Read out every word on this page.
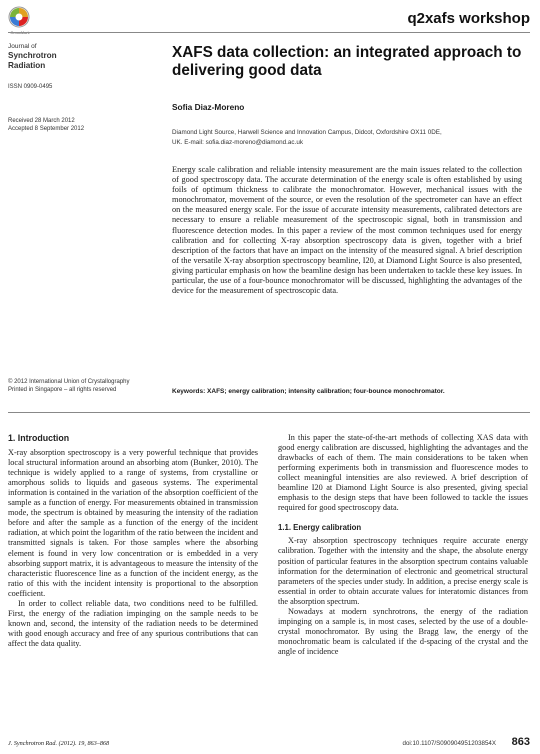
CrossMark
q2xafs workshop
Journal of
Synchrotron
Radiation
ISSN 0909-0495
Received 28 March 2012
Accepted 8 September 2012
© 2012 International Union of Crystallography
Printed in Singapore – all rights reserved
XAFS data collection: an integrated approach to delivering good data
Sofia Diaz-Moreno
Diamond Light Source, Harwell Science and Innovation Campus, Didcot, Oxfordshire OX11 0DE,
UK. E-mail: sofia.diaz-moreno@diamond.ac.uk
Energy scale calibration and reliable intensity measurement are the main issues related to the collection of good spectroscopy data. The accurate determination of the energy scale is often established by using foils of optimum thickness to calibrate the monochromator. However, mechanical issues with the monochromator, movement of the source, or even the resolution of the spectrometer can have an effect on the measured energy scale. For the issue of accurate intensity measurements, calibrated detectors are necessary to ensure a reliable measurement of the spectroscopic signal, both in transmission and fluorescence detection modes. In this paper a review of the most common techniques used for energy calibration and for collecting X-ray absorption spectroscopy data is given, together with a brief description of the factors that have an impact on the intensity of the measured signal. A brief description of the versatile X-ray absorption spectroscopy beamline, I20, at Diamond Light Source is also presented, giving particular emphasis on how the beamline design has been undertaken to tackle these key issues. In particular, the use of a four-bounce monochromator will be discussed, highlighting the advantages of the device for the measurement of spectroscopic data.
Keywords: XAFS; energy calibration; intensity calibration; four-bounce monochromator.
1. Introduction

X-ray absorption spectroscopy is a very powerful technique that provides local structural information around an absorbing atom (Bunker, 2010). The technique is widely applied to a range of systems, from crystalline or amorphous solids to liquids and gaseous systems. The experimental information is contained in the variation of the absorption coefficient of the sample as a function of energy. For measurements obtained in transmission mode, the spectrum is obtained by measuring the intensity of the radiation before and after the sample as a function of the energy of the incident radiation, at which point the logarithm of the ratio between the incident and transmitted signals is taken. For those samples where the absorbing element is found in very low concentration or is embedded in a very absorbing support matrix, it is advantageous to measure the intensity of the characteristic fluorescence line as a function of the incident energy, as the ratio of this with the incident intensity is proportional to the absorption coefficient.

In order to collect reliable data, two conditions need to be fulfilled. First, the energy of the radiation impinging on the sample needs to be known and, second, the intensity of the radiation needs to be determined with good enough accuracy and free of any spurious contributions that can affect the data quality.

In this paper the state-of-the-art methods of collecting XAS data with good energy calibration are discussed, highlighting the advantages and the drawbacks of each of them. The main considerations to be taken when performing experiments both in transmission and fluorescence modes to collect meaningful intensities are also reviewed. A brief description of beamline I20 at Diamond Light Source is also presented, giving special emphasis to the design steps that have been followed to tackle the issues required for good spectroscopy data.

1.1. Energy calibration

X-ray absorption spectroscopy techniques require accurate energy calibration. Together with the intensity and the shape, the absolute energy position of particular features in the absorption spectrum contains valuable information for the determination of electronic and geometrical structural parameters of the species under study. In addition, a precise energy scale is essential in order to obtain accurate values for interatomic distances from the absorption spectrum.

Nowadays at modern synchrotrons, the energy of the radiation impinging on a sample is, in most cases, selected by the use of a double-crystal monochromator. By using the Bragg law, the energy of the monochromatic beam is calculated if the d-spacing of the crystal and the angle of incidence

J. Synchrotron Rad. (2012). 19, 863–868	doi:10.1107/S090904951203854X 863
